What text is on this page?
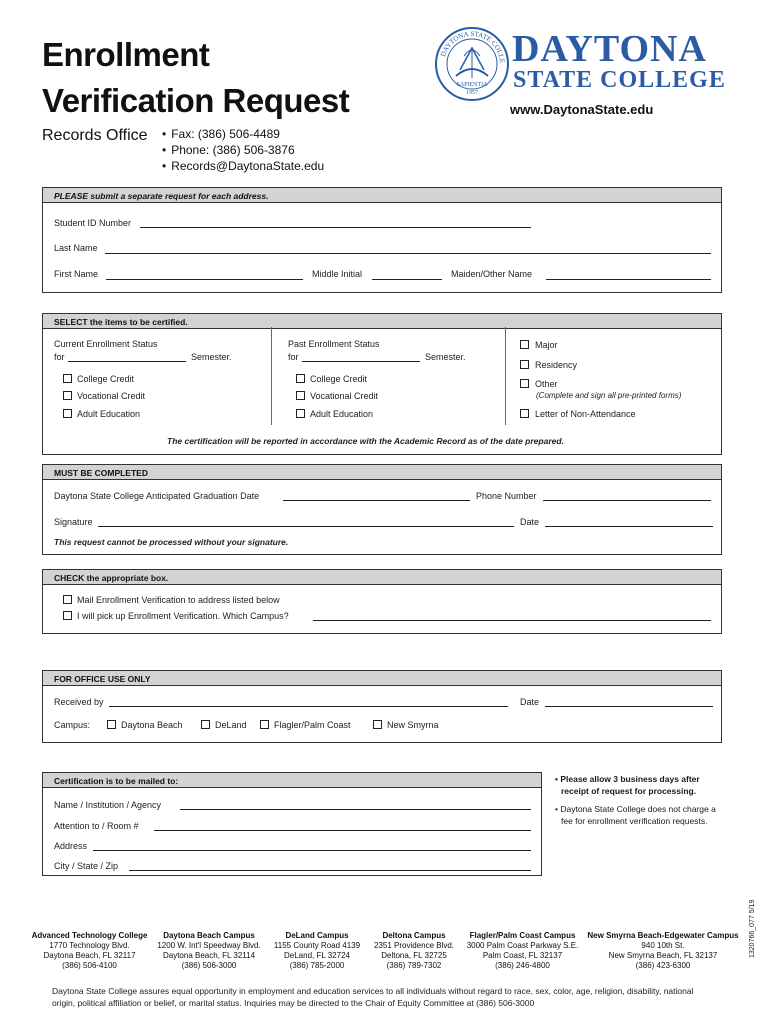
Enrollment
Verification Request
Records Office	• Fax: (386) 506-4489
• Phone: (386) 506-3876
• Records@DaytonaState.edu
DAYTONA STATE COLLE
SAPIENTIA
1957
DAYTONA
STATE COLLEGE
www.DaytonaState.edu
PLEASE submit a separate request for each address.
Student ID Number
Last Name
First Name	Middle Initial	Maiden/Other Name
SELECT the items to be certified.
Current Enrollment Status
for	Semester.
College Credit
Vocational Credit
Adult Education
Past Enrollment Status
for	Semester.
College Credit
Vocational Credit
Adult Education
Major
Residency
Other
(Complete and sign all pre-printed forms)
Letter of Non-Attendance
The certification will be reported in accordance with the Academic Record as of the date prepared.
MUST BE COMPLETED
Daytona State College Anticipated Graduation Date	Phone Number
Signature	Date
This request cannot be processed without your signature.
CHECK the appropriate box.
Mail Enrollment Verification to address listed below
I will pick up Enrollment Verification. Which Campus?
FOR OFFICE USE ONLY
Received by	Date
Campus:	Daytona Beach	DeLand	Flagler/Palm Coast	New Smyrna
Certification is to be mailed to:
Name / Institution / Agency
Attention to / Room #
Address
City / State / Zip
• Please allow 3 business days after receipt of request for processing.
• Daytona State College does not charge a fee for enrollment verification requests.
Advanced Technology College
1770 Technology Blvd.
Daytona Beach, FL 32117
(386) 506-4100
Daytona Beach Campus
1200 W. Int'l Speedway Blvd.
Daytona Beach, FL 32114
(386) 506-3000
DeLand Campus
1155 County Road 4139
DeLand, FL 32724
(386) 785-2000
Deltona Campus
2351 Providence Blvd.
Deltona, FL 32725
(386) 789-7302
Flagler/Palm Coast Campus
3000 Palm Coast Parkway S.E.
Palm Coast, FL 32137
(386) 246-4800
New Smyrna Beach-Edgewater Campus
940 10th St.
New Smyrna Beach, FL 32137
(386) 423-6300
1320766_077 5/19
Daytona State College assures equal opportunity in employment and education services to all individuals without regard to race, sex, color, age, religion, disability, national
origin, political affiliation or belief, or marital status. Inquiries may be directed to the Chair of Equity Committee at (386) 506-3000
